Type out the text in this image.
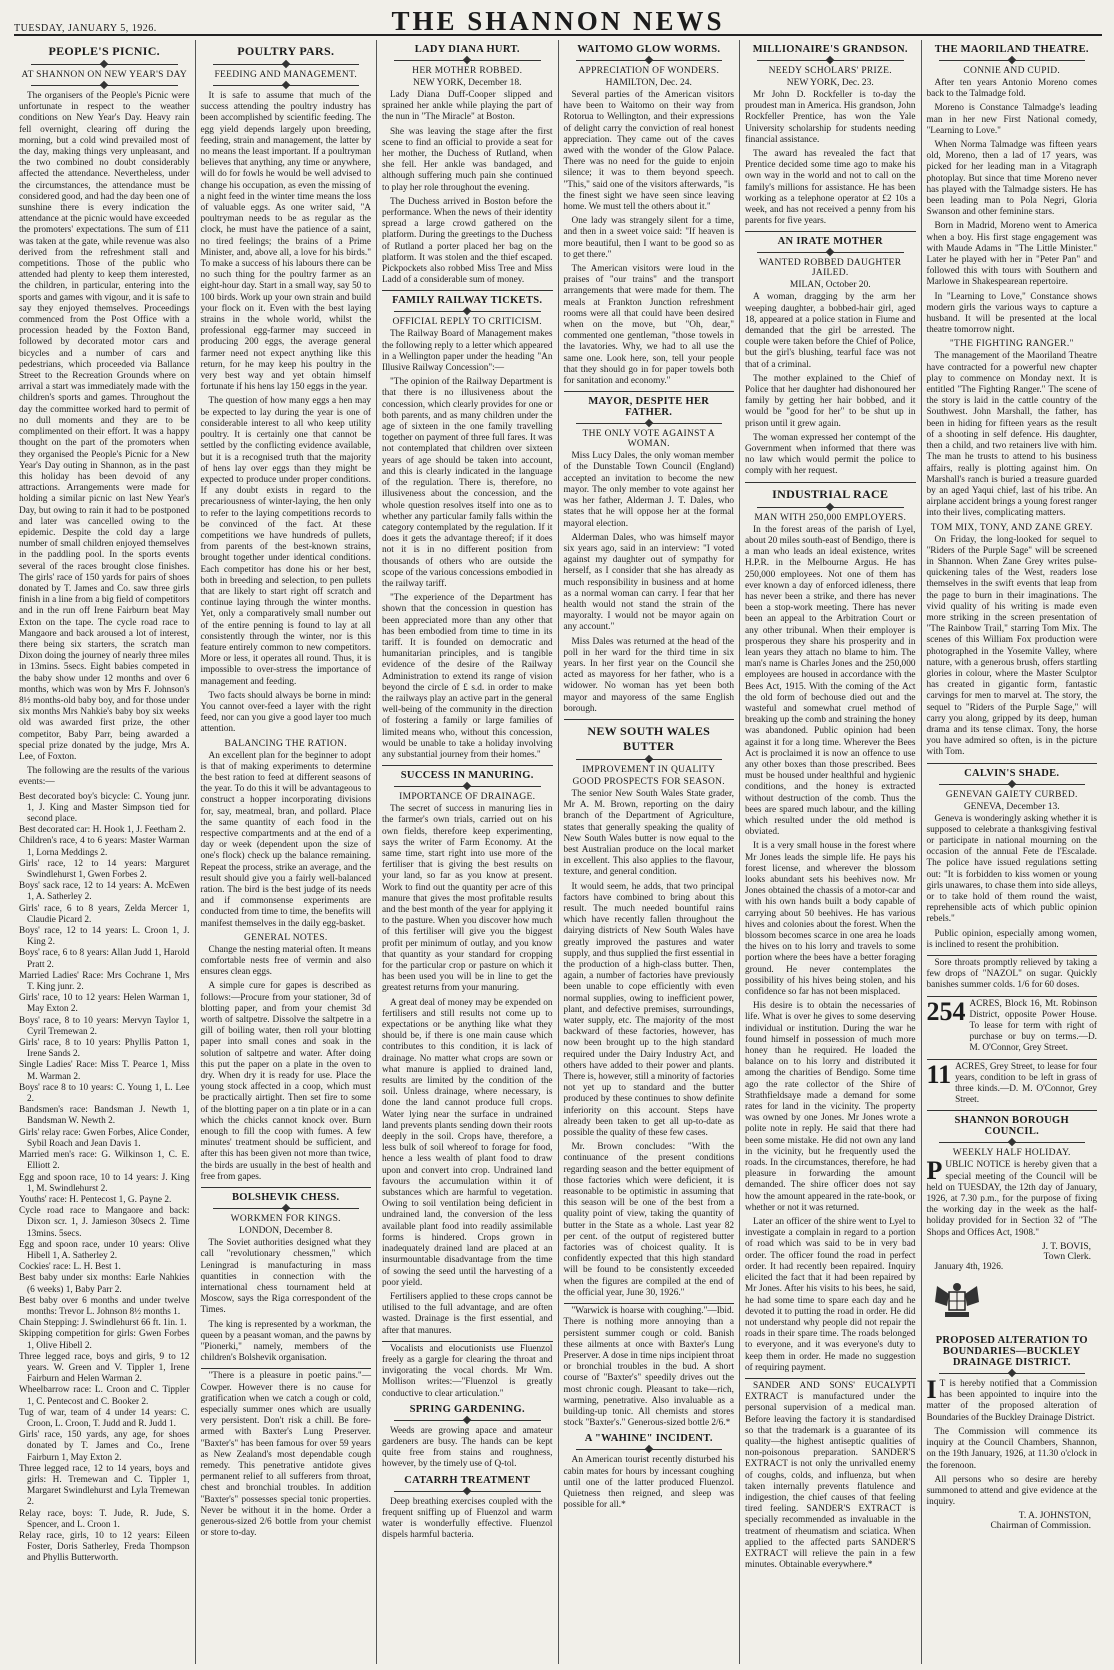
TUESDAY, JANUARY 5, 1926.	THE SHANNON NEWS
PEOPLE'S PICNIC.
AT SHANNON ON NEW YEAR'S DAY

The organisers of the People's Picnic were unfortunate in respect to the weather conditions on New Year's Day. Heavy rain fell overnight, clearing off during the morning, but a cold wind prevailed most of the day, making things very unpleasant, and the two combined no doubt considerably affected the attendance. Nevertheless, under the circumstances, the attendance must be considered good, and had the day been one of sunshine there is every indication the attendance at the picnic would have exceeded the promoters' expectations. The sum of £11 was taken at the gate, while revenue was also derived from the refreshment stall and competitions. Those of the public who attended had plenty to keep them interested, the children, in particular, entering into the sports and games with vigour, and it is safe to say they enjoyed themselves. Proceedings commenced from the Post Office with a procession headed by the Foxton Band, followed by decorated motor cars and bicycles and a number of cars and pedestrians, which proceeded via Ballance Street to the Recreation Grounds where on arrival a start was immediately made with the children's sports and games. Throughout the day the committee worked hard to permit of no dull moments and they are to be complimented on their effort. It was a happy thought on the part of the promoters when they organised the People's Picnic for a New Year's Day outing in Shannon, as in the past this holiday has been devoid of any attractions. Arrangements were made for holding a similar picnic on last New Year's Day, but owing to rain it had to be postponed and later was cancelled owing to the epidemic. Despite the cold day a large number of small children enjoyed themselves in the paddling pool. In the sports events several of the races brought close finishes. The girls' race of 150 yards for pairs of shoes donated by T. James and Co. saw three girls finish in a line from a big field of competitors and in the run off Irene Fairburn beat May Exton on the tape. The cycle road race to Mangaore and back aroused a lot of interest, there being six starters, the scratch man Dixon doing the journey of nearly three miles in 13mins. 5secs. Eight babies competed in the baby show under 12 months and over 6 months, which was won by Mrs F. Johnson's 8½ months-old baby boy, and for those under six months Mrs Nahkie's baby boy six weeks old was awarded first prize, the other competitor, Baby Parr, being awarded a special prize donated by the judge, Mrs A. Lee, of Foxton.

The following are the results of the various events:—

Best decorated boy's bicycle: C. Young junr. 1, J. King and Master Simpson tied for second place.

Best decorated car: H. Hook 1, J. Feetham 2.

Children's race, 4 to 6 years: Master Warman 1, Lorna Meddings 2.

Girls' race, 12 to 14 years: Marguret Swindlehurst 1, Gwen Forbes 2.

Boys' sack race, 12 to 14 years: A. McEwen 1, A. Satherley 2.

Girls' race, 6 to 8 years, Zelda Mercer 1, Claudie Picard 2.

Boys' race, 12 to 14 years: L. Croon 1, J. King 2.

Boys' race, 6 to 8 years: Allan Judd 1, Harold Pratt 2.

Married Ladies' Race: Mrs Cochrane 1, Mrs T. King junr. 2.

Girls' race, 10 to 12 years: Helen Warman 1, May Exton 2.

Boys' race, 8 to 10 years: Mervyn Taylor 1, Cyril Tremewan 2.

Girls' race, 8 to 10 years: Phyllis Patton 1, Irene Sands 2.

Single Ladies' Race: Miss T. Pearce 1, Miss M. Warman 2.

Boys' race 8 to 10 years: C. Young 1, L. Lee 2.

Bandsmen's race: Bandsman J. Newth 1, Bandsman W. Newth 2.

Girls' relay race: Gwen Forbes, Alice Conder, Sybil Roach and Jean Davis 1.

Married men's race: G. Wilkinson 1, C. E. Elliott 2.

Egg and spoon race, 10 to 14 years: J. King 1, M. Swindlehurst 2.

Youths' race: H. Pentecost 1, G. Payne 2.

Cycle road race to Mangaore and back: Dixon scr. 1, J. Jamieson 30secs 2. Time 13mins. 5secs.

Egg and spoon race, under 10 years: Olive Hibell 1, A. Satherley 2.

Cockies' race: L. H. Best 1.

Best baby under six months: Earle Nahkies (6 weeks) 1, Baby Parr 2.

Best baby over 6 months and under twelve months: Trevor L. Johnson 8½ months 1.

Chain Stepping: J. Swindlehurst 66 ft. 1in. 1.

Skipping competition for girls: Gwen Forbes 1, Olive Hibell 2.

Three legged race, boys and girls, 9 to 12 years. W. Green and V. Tippler 1, Irene Fairburn and Helen Warman 2.

Wheelbarrow race: L. Croon and C. Tippler 1, C. Pentecost and C. Booker 2.

Tug of war, team of 4 under 14 years: C. Croon, L. Croon, T. Judd and R. Judd 1.

Girls' race, 150 yards, any age, for shoes donated by T. James and Co., Irene Fairburn 1, May Exton 2.

Three legged race, 12 to 14 years, boys and girls: H. Tremewan and C. Tippler 1, Margaret Swindlehurst and Lyla Tremewan 2.

Relay race, boys: T. Jude, R. Jude, S. Spencer, and L. Croon 1.

Relay race, girls, 10 to 12 years: Eileen Foster, Doris Satherley, Freda Thompson and Phyllis Butterworth.

POULTRY PARS.
FEEDING AND MANAGEMENT.

It is safe to assume that much of the success attending the poultry industry has been accomplished by scientific feeding. The egg yield depends largely upon breeding, feeding, strain and management, the latter by no means the least important. If a poultryman believes that anything, any time or anywhere, will do for fowls he would be well advised to change his occupation, as even the missing of a night feed in the winter time means the loss of valuable eggs. As one writer said, "A poultryman needs to be as regular as the clock, he must have the patience of a saint, no tired feelings; the brains of a Prime Minister, and, above all, a love for his birds." To make a success of his labours there can be no such thing for the poultry farmer as an eight-hour day. Start in a small way, say 50 to 100 birds. Work up your own strain and build your flock on it. Even with the best laying strains in the whole world, whilst the professional egg-farmer may succeed in producing 200 eggs, the average general farmer need not expect anything like this return, for he may keep his poultry in the very best way and yet obtain himself fortunate if his hens lay 150 eggs in the year.

The question of how many eggs a hen may be expected to lay during the year is one of considerable interest to all who keep utility poultry. It is certainly one that cannot be settled by the conflicting evidence available, but it is a recognised truth that the majority of hens lay over eggs than they might be expected to produce under proper conditions. If any doubt exists in regard to the precariousness of winter-laying, the hen only to refer to the laying competitions records to be convinced of the fact. At these competitions we have hundreds of pullets, from parents of the best-known strains, brought together under identical conditions. Each competitor has done his or her best, both in breeding and selection, to pen pullets that are likely to start right off scratch and continue laying through the winter months. Yet, only a comparatively small number out of the entire penning is found to lay at all consistently through the winter, nor is this feature entirely common to new competitors. More or less, it operates all round. Thus, it is impossible to over-stress the importance of management and feeding.

Two facts should always be borne in mind: You cannot over-feed a layer with the right feed, nor can you give a good layer too much attention.

BALANCING THE RATION.

An excellent plan for the beginner to adopt is that of making experiments to determine the best ration to feed at different seasons of the year. To do this it will be advantageous to construct a hopper incorporating divisions for, say, meatmeal, bran, and pollard. Place the same quantity of each food in the respective compartments and at the end of a day or week (dependent upon the size of one's flock) check up the balance remaining. Repeat the process, strike an average, and the result should give you a fairly well-balanced ration. The bird is the best judge of its needs and if commonsense experiments are conducted from time to time, the benefits will manifest themselves in the daily egg-basket.

GENERAL NOTES.

Change the nesting material often. It means comfortable nests free of vermin and also ensures clean eggs.

A simple cure for gapes is described as follows:—Procure from your stationer, 3d of blotting paper, and from your chemist 3d worth of saltpetre. Dissolve the saltpetre in a gill of boiling water, then roll your blotting paper into small cones and soak in the solution of saltpetre and water. After doing this put the paper on a plate in the oven to dry. When dry it is ready for use. Place the young stock affected in a coop, which must be practically airtight. Then set fire to some of the blotting paper on a tin plate or in a can which the chicks cannot knock over. Burn enough to fill the coop with fumes. A few minutes' treatment should be sufficient, and after this has been given not more than twice, the birds are usually in the best of health and free from gapes.

BOLSHEVIK CHESS.
WORKMEN FOR KINGS.
LONDON, December 8.

The Soviet authorities designed what they call "revolutionary chessmen," which Leningrad is manufacturing in mass quantities in connection with the international chess tournament held at Moscow, says the Riga correspondent of the Times.

The king is represented by a workman, the queen by a peasant woman, and the pawns by "Pionerki," namely, members of the children's Bolshevik organisation.

"There is a pleasure in poetic pains."—Cowper. However there is no cause for gratification when we catch a cough or cold, especially summer ones which are usually very persistent. Don't risk a chill. Be fore-armed with Baxter's Lung Preserver. "Baxter's" has been famous for over 59 years as New Zealand's most dependable cough remedy. This penetrative antidote gives permanent relief to all sufferers from throat, chest and bronchial troubles. In addition "Baxter's" possesses special tonic properties. Never be without it in the home. Order a generous-sized 2/6 bottle from your chemist or store to-day.

LADY DIANA HURT.
HER MOTHER ROBBED.
NEW YORK, December 18.

Lady Diana Duff-Cooper slipped and sprained her ankle while playing the part of the nun in "The Miracle" at Boston.

She was leaving the stage after the first scene to find an official to provide a seat for her mother, the Duchess of Rutland, when she fell. Her ankle was bandaged, and although suffering much pain she continued to play her role throughout the evening.

The Duchess arrived in Boston before the performance. When the news of their identity spread a large crowd gathered on the platform. During the greetings to the Duchess of Rutland a porter placed her bag on the platform. It was stolen and the thief escaped. Pickpockets also robbed Miss Tree and Miss Ladd of a considerable sum of money.

FAMILY RAILWAY TICKETS.
OFFICIAL REPLY TO CRITICISM.

The Railway Board of Management makes the following reply to a letter which appeared in a Wellington paper under the heading "An Illusive Railway Concession":—

"The opinion of the Railway Department is that there is no illusiveness about the concession, which clearly provides for one or both parents, and as many children under the age of sixteen in the one family travelling together on payment of three full fares. It was not contemplated that children over sixteen years of age should be taken into account, and this is clearly indicated in the language of the regulation. There is, therefore, no illusiveness about the concession, and the whole question resolves itself into one as to whether any particular family falls within the category contemplated by the regulation. If it does it gets the advantage thereof; if it does not it is in no different position from thousands of others who are outside the scope of the various concessions embodied in the railway tariff.

"The experience of the Department has shown that the concession in question has been appreciated more than any other that has been embodied from time to time in its tariff. It is founded on democratic and humanitarian principles, and is tangible evidence of the desire of the Railway Administration to extend its range of vision beyond the circle of £ s.d. in order to make the railways play an active part in the general well-being of the community in the direction of fostering a family or large families of limited means who, without this concession, would be unable to take a holiday involving any substantial journey from their homes."

SUCCESS IN MANURING.
IMPORTANCE OF DRAINAGE.

The secret of success in manuring lies in the farmer's own trials, carried out on his own fields, therefore keep experimenting, says the writer of Farm Economy. At the same time, start right into use more of the fertiliser that is giving the best results on your land, so far as you know at present. Work to find out the quantity per acre of this manure that gives the most profitable results and the best month of the year for applying it to the pasture. When you discover how much of this fertiliser will give you the biggest profit per minimum of outlay, and you know that quantity as your standard for cropping for the particular crop or pasture on which it has been used you will be in line to get the greatest returns from your manuring.

A great deal of money may be expended on fertilisers and still results not come up to expectations or be anything like what they should be, if there is one main cause which contributes to this condition, it is lack of drainage. No matter what crops are sown or what manure is applied to drained land, results are limited by the condition of the soil. Unless drainage, where necessary, is done the land cannot produce full crops. Water lying near the surface in undrained land prevents plants sending down their roots deeply in the soil. Crops have, therefore, a less bulk of soil whereof to forage for food, hence a less wealth of plant food to draw upon and convert into crop. Undrained land favours the accumulation within it of substances which are harmful to vegetation. Owing to soil ventilation being deficient in undrained land, the conversion of the less available plant food into readily assimilable forms is hindered. Crops grown in inadequately drained land are placed at an insurmountable disadvantage from the time of sowing the seed until the harvesting of a poor yield.

Fertilisers applied to these crops cannot be utilised to the full advantage, and are often wasted. Drainage is the first essential, and after that manures.

Vocalists and elocutionists use Fluenzol freely as a gargle for clearing the throat and invigorating the vocal chords. Mr Wm. Mollison writes:—"Fluenzol is greatly conductive to clear articulation."

SPRING GARDENING.

Weeds are growing apace and amateur gardeners are busy. The hands can be kept quite free from stains and roughness, however, by the timely use of Q-tol.

CATARRH TREATMENT

Deep breathing exercises coupled with the frequent sniffing up of Fluenzol and warm water is wonderfully effective. Fluenzol dispels harmful bacteria.

WAITOMO GLOW WORMS.
APPRECIATION OF WONDERS.
HAMILTON, Dec. 24.

Several parties of the American visitors have been to Waitomo on their way from Rotorua to Wellington, and their expressions of delight carry the conviction of real honest appreciation. They came out of the caves awed with the wonder of the Glow Palace. There was no need for the guide to enjoin silence; it was to them beyond speech. "This," said one of the visitors afterwards, "is the finest sight we have seen since leaving home. We must tell the others about it."

One lady was strangely silent for a time, and then in a sweet voice said: "If heaven is more beautiful, then I want to be good so as to get there."

The American visitors were loud in the praises of "our trains" and the transport arrangements that were made for them. The meals at Frankton Junction refreshment rooms were all that could have been desired when on the move, but "Oh, dear," commented one gentleman, "those towels in the lavatories. Why, we had to all use the same one. Look here, son, tell your people that they should go in for paper towels both for sanitation and economy."

MAYOR, DESPITE HER FATHER.
THE ONLY VOTE AGAINST A WOMAN.

Miss Lucy Dales, the only woman member of the Dunstable Town Council (England) accepted an invitation to become the new mayor. The only member to vote against her was her father, Alderman J. T. Dales, who states that he will oppose her at the formal mayoral election.

Alderman Dales, who was himself mayor six years ago, said in an interview: "I voted against my daughter out of sympathy for herself, as I consider that she has already as much responsibility in business and at home as a normal woman can carry. I fear that her health would not stand the strain of the mayoralty. I would not be mayor again on any account."

Miss Dales was returned at the head of the poll in her ward for the third time in six years. In her first year on the Council she acted as mayoress for her father, who is a widower. No woman has yet been both mayor and mayoress of the same English borough.

NEW SOUTH WALES BUTTER
IMPROVEMENT IN QUALITY
GOOD PROSPECTS FOR SEASON.

The senior New South Wales State grader, Mr A. M. Brown, reporting on the dairy branch of the Department of Agriculture, states that generally speaking the quality of New South Wales butter is now equal to the best Australian produce on the local market in excellent. This also applies to the flavour, texture, and general condition.

It would seem, he adds, that two principal factors have combined to bring about this result. The much needed bountiful rains which have recently fallen throughout the dairying districts of New South Wales have greatly improved the pastures and water supply, and thus supplied the first essential in the production of a high-class butter. Then, again, a number of factories have previously been unable to cope efficiently with even normal supplies, owing to inefficient power, plant, and defective premises, surroundings, water supply, etc. The majority of the most backward of these factories, however, has now been brought up to the high standard required under the Dairy Industry Act, and others have added to their power and plants. There is, however, still a minority of factories not yet up to standard and the butter produced by these continues to show definite inferiority on this account. Steps have already been taken to get all up-to-date as possible the quality of these few cases.

Mr. Brown concludes: "With the continuance of the present conditions regarding season and the better equipment of those factories which were deficient, it is reasonable to be optimistic in assuming that this season will be one of the best from a quality point of view, taking the quantity of butter in the State as a whole. Last year 82 per cent. of the output of registered butter factories was of choicest quality. It is confidently expected that this high standard will be found to be consistently exceeded when the figures are compiled at the end of the official year, June 30, 1926."

"Warwick is hoarse with coughing."—Ibid. There is nothing more annoying than a persistent summer cough or cold. Banish these ailments at once with Baxter's Lung Preserver. A dose in time nips incipient throat or bronchial troubles in the bud. A short course of "Baxter's" speedily drives out the most chronic cough. Pleasant to take—rich, warming, penetrative. Also invaluable as a building-up tonic. All chemists and stores stock "Baxter's." Generous-sized bottle 2/6.*

A "WAHINE" INCIDENT.

An American tourist recently disturbed his cabin mates for hours by incessant coughing until one of the latter produced Fluenzol. Quietness then reigned, and sleep was possible for all.*

MILLIONAIRE'S GRANDSON.
NEEDY SCHOLARS' PRIZE.
NEW YORK, Dec. 23.

Mr John D. Rockfeller is to-day the proudest man in America. His grandson, John Rockfeller Prentice, has won the Yale University scholarship for students needing financial assistance.

The award has revealed the fact that Prentice decided some time ago to make his own way in the world and not to call on the family's millions for assistance. He has been working as a telephone operator at £2 10s a week, and has not received a penny from his parents for five years.

AN IRATE MOTHER
WANTED ROBBED DAUGHTER JAILED.
MILAN, October 20.

A woman, dragging by the arm her weeping daughter, a bobbed-hair girl, aged 18, appeared at a police station in Fiume and demanded that the girl be arrested. The couple were taken before the Chief of Police, but the girl's blushing, tearful face was not that of a criminal.

The mother explained to the Chief of Police that her daughter had dishonoured her family by getting her hair bobbed, and it would be "good for her" to be shut up in prison until it grew again.

The woman expressed her contempt of the Government when informed that there was no law which would permit the police to comply with her request.

INDUSTRIAL RACE
MAN WITH 250,000 EMPLOYERS.

In the forest areas of the parish of Lyel, about 20 miles south-east of Bendigo, there is a man who leads an ideal existence, writes H.P.R. in the Melbourne Argus. He has 250,000 employees. Not one of them has ever known a day of enforced idleness, there has never been a strike, and there has never been a stop-work meeting. There has never been an appeal to the Arbitration Court or any other tribunal. When their employer is prosperous they share his prosperity and in lean years they attach no blame to him. The man's name is Charles Jones and the 250,000 employees are housed in accordance with the Bees Act, 1915. With the coming of the Act the old form of bechouse died out and the wasteful and somewhat cruel method of breaking up the comb and straining the honey was abandoned. Public opinion had been against it for a long time. Wherever the Bees Act is proclaimed it is now an offence to use any other boxes than those prescribed. Bees must be housed under healthful and hygienic conditions, and the honey is extracted without destruction of the comb. Thus the bees are spared much labour, and the killing which resulted under the old method is obviated.

It is a very small house in the forest where Mr Jones leads the simple life. He pays his forest license, and wherever the blossom looks abundant sets his beehives now. Mr Jones obtained the chassis of a motor-car and with his own hands built a body capable of carrying about 50 beehives. He has various hives and colonies about the forest. When the blossom becomes scarce in one area he loads the hives on to his lorry and travels to some portion where the bees have a better foraging ground. He never contemplates the possibility of his hives being stolen, and his confidence so far has not been misplaced.

His desire is to obtain the necessaries of life. What is over he gives to some deserving individual or institution. During the war he found himself in possession of much more honey than he required. He loaded the balance on to his lorry and distributed it among the charities of Bendigo. Some time ago the rate collector of the Shire of Strathfieldsaye made a demand for some rates for land in the vicinity. The property was owned by one Jones. Mr Jones wrote a polite note in reply. He said that there had been some mistake. He did not own any land in the vicinity, but he frequently used the roads. In the circumstances, therefore, he had pleasure in forwarding the amount demanded. The shire officer does not say how the amount appeared in the rate-book, or whether or not it was returned.

Later an officer of the shire went to Lyel to investigate a complain in regard to a portion of road which was said to be in very bad order. The officer found the road in perfect order. It had recently been repaired. Inquiry elicited the fact that it had been repaired by Mr Jones. After his visits to his bees, he said, he had some time to spare each day and he devoted it to putting the road in order. He did not understand why people did not repair the roads in their spare time. The roads belonged to everyone, and it was everyone's duty to keep them in order. He made no suggestion of requiring payment.

SANDER AND SONS' EUCALYPTI EXTRACT is manufactured under the personal supervision of a medical man. Before leaving the factory it is standardised so that the trademark is a guarantee of its quality—the highest antiseptic qualities of non-poisonous preparation. SANDER'S EXTRACT is not only the unrivalled enemy of coughs, colds, and influenza, but when taken internally prevents flatulence and indigestion, the chief causes of that feeling tired feeling. SANDER'S EXTRACT is specially recommended as invaluable in the treatment of rheumatism and sciatica. When applied to the affected parts SANDER'S EXTRACT will relieve the pain in a few minutes. Obtainable everywhere.*

THE MAORILAND THEATRE.
CONNIE AND CUPID.

After ten years Antonio Moreno comes back to the Talmadge fold.

Moreno is Constance Talmadge's leading man in her new First National comedy, "Learning to Love."

When Norma Talmadge was fifteen years old, Moreno, then a lad of 17 years, was picked for her leading man in a Vitagraph photoplay. But since that time Moreno never has played with the Talmadge sisters. He has been leading man to Pola Negri, Gloria Swanson and other feminine stars.

Born in Madrid, Moreno went to America when a boy. His first stage engagement was with Maude Adams in "The Little Minister." Later he played with her in "Peter Pan" and followed this with tours with Southern and Marlowe in Shakespearean repertoire.

In "Learning to Love," Constance shows modern girls the various ways to capture a husband. It will be presented at the local theatre tomorrow night.

"THE FIGHTING RANGER."

The management of the Maoriland Theatre have contracted for a powerful new chapter play to commence on Monday next. It is entitled "The Fighting Ranger." The scene of the story is laid in the cattle country of the Southwest. John Marshall, the father, has been in hiding for fifteen years as the result of a shooting in self defence. His daughter, then a child, and two retainers live with him. The man he trusts to attend to his business affairs, really is plotting against him. On Marshall's ranch is buried a treasure guarded by an aged Yaqui chief, last of his tribe. An airplane accident brings a young forest ranger into their lives, complicating matters.

TOM MIX, TONY, AND ZANE GREY.

On Friday, the long-looked for sequel to "Riders of the Purple Sage" will be screened in Shannon. When Zane Grey writes pulse-quickening tales of the West, readers lose themselves in the swift events that leap from the page to burn in their imaginations. The vivid quality of his writing is made even more striking in the screen presentation of "The Rainbow Trail," starring Tom Mix. The scenes of this William Fox production were photographed in the Yosemite Valley, where nature, with a generous brush, offers startling glories in colour, where the Master Sculptor has created in gigantic form, fantastic carvings for men to marvel at. The story, the sequel to "Riders of the Purple Sage," will carry you along, gripped by its deep, human drama and its tense climax. Tony, the horse you have admired so often, is in the picture with Tom.

CALVIN'S SHADE.
GENEVAN GAIETY CURBED.
GENEVA, December 13.

Geneva is wonderingly asking whether it is supposed to celebrate a thanksgiving festival or participate in national mourning on the occasion of the annual Fete de l'Escalade. The police have issued regulations setting out: "It is forbidden to kiss women or young girls unawares, to chase them into side alleys, or to take hold of them round the waist, reprehensible acts of which public opinion rebels."

Public opinion, especially among women, is inclined to resent the prohibition.

Sore throats promptly relieved by taking a few drops of "NAZOL" on sugar. Quickly banishes summer colds. 1/6 for 60 doses.

254 ACRES, Block 16, Mt. Robinson District, opposite Power House. To lease for term with right of purchase or buy on terms.—D. M. O'Connor, Grey Street.
11 ACRES, Grey Street, to lease for four years, condition to be left in grass of three kinds.—D. M. O'Connor, Grey Street.
SHANNON BOROUGH COUNCIL.
WEEKLY HALF HOLIDAY.

PUBLIC NOTICE is hereby given that a special meeting of the Council will be held on TUESDAY, the 12th day of January, 1926, at 7.30 p.m., for the purpose of fixing the working day in the week as the half-holiday provided for in Section 32 of "The Shops and Offices Act, 1908."

J. T. BOVIS,
Town Clerk.

January 4th, 1926.

PROPOSED ALTERATION TO BOUNDARIES—BUCKLEY DRAINAGE DISTRICT.

I T is hereby notified that a Commission has been appointed to inquire into the matter of the proposed alteration of Boundaries of the Buckley Drainage District.

The Commission will commence its inquiry at the Council Chambers, Shannon, on the 19th January, 1926, at 11.30 o'clock in the forenoon.

All persons who so desire are hereby summoned to attend and give evidence at the inquiry.

T. A. JOHNSTON,
Chairman of Commission.
